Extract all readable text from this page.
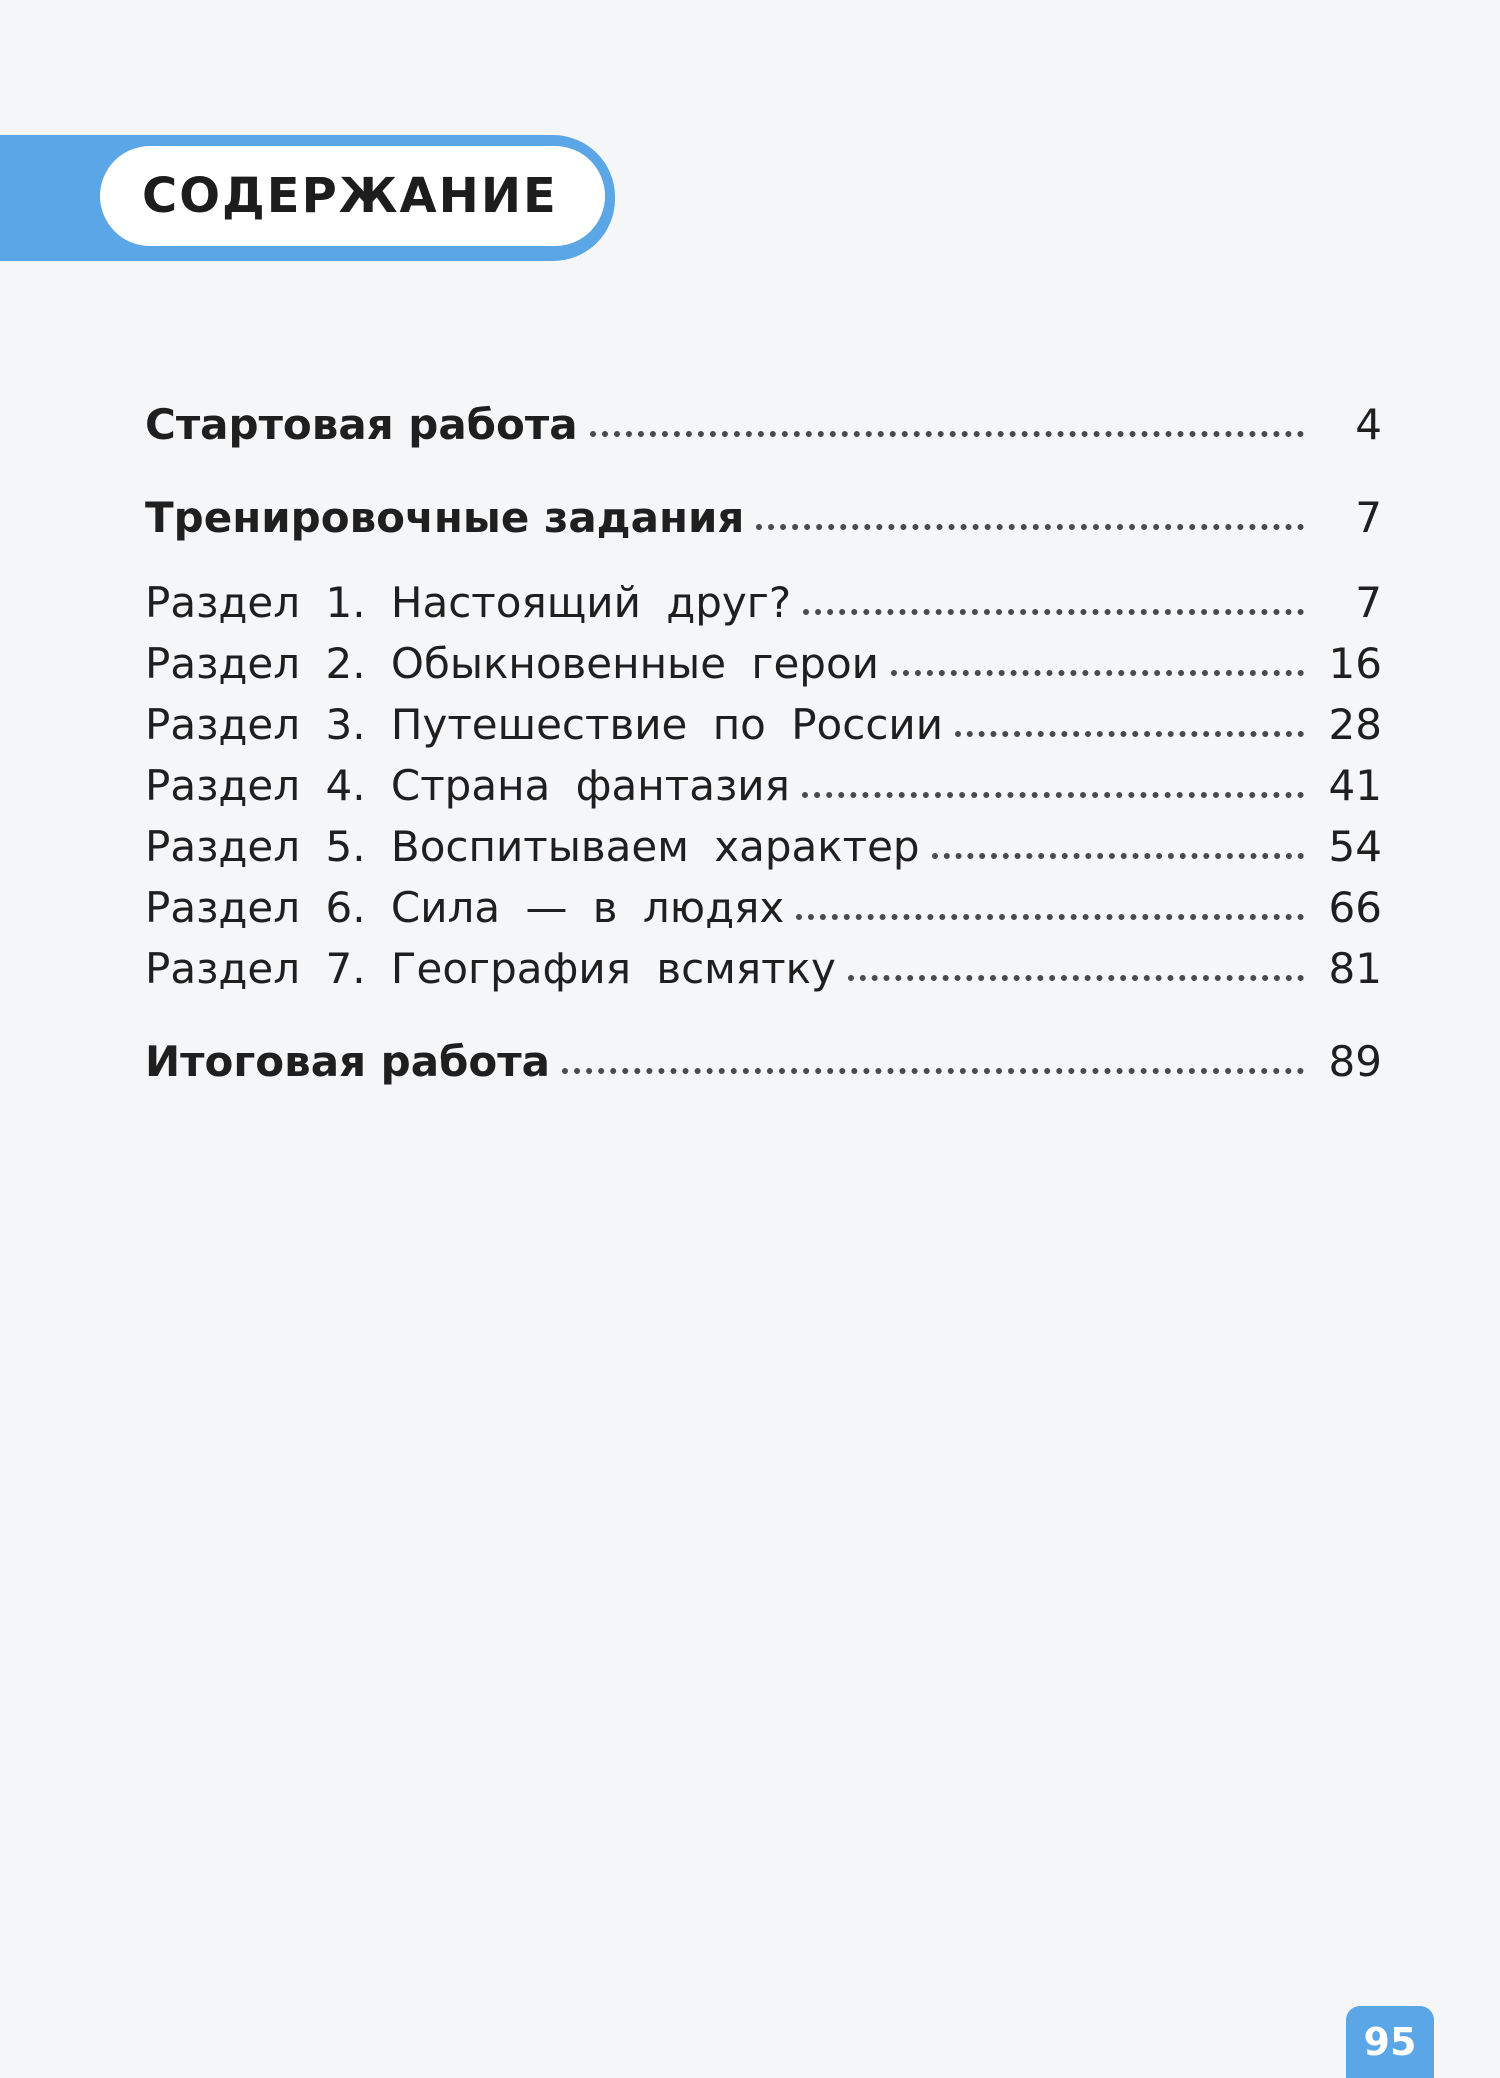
СОДЕРЖАНИЕ
Стартовая работа	4
Тренировочные задания	7
Раздел 1. Настоящий друг?	7
Раздел 2. Обыкновенные герои	16
Раздел 3. Путешествие по России	28
Раздел 4. Страна фантазия	41
Раздел 5. Воспитываем характер	54
Раздел 6. Сила — в людях	66
Раздел 7. География всмятку	81
Итоговая работа	89
95
